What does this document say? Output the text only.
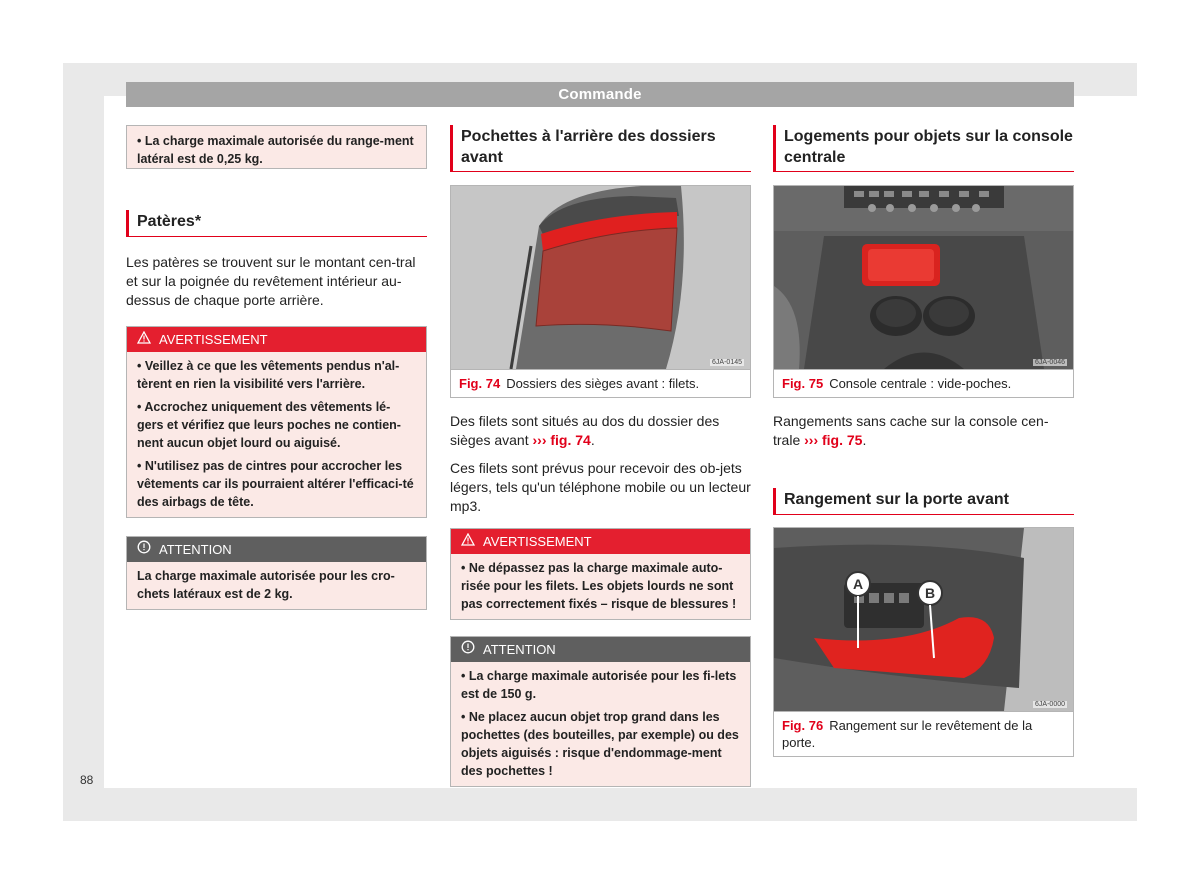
Commande
• La charge maximale autorisée du range-ment latéral est de 0,25 kg.
Patères*

Les patères se trouvent sur le montant cen-tral et sur la poignée du revêtement intérieur au-dessus de chaque porte arrière.

AVERTISSEMENT

• Veillez à ce que les vêtements pendus n'al-tèrent en rien la visibilité vers l'arrière.

• Accrochez uniquement des vêtements lé-gers et vérifiez que leurs poches ne contien-nent aucun objet lourd ou aiguisé.

• N'utilisez pas de cintres pour accrocher les vêtements car ils pourraient altérer l'efficaci-té des airbags de tête.

ATTENTION

La charge maximale autorisée pour les cro-chets latéraux est de 2 kg.

Pochettes à l'arrière des dossiers avant
6JA-0145
Fig. 74 Dossiers des sièges avant : filets.

Des filets sont situés au dos du dossier des sièges avant ››› fig. 74.

Ces filets sont prévus pour recevoir des ob-jets légers, tels qu'un téléphone mobile ou un lecteur mp3.

AVERTISSEMENT

• Ne dépassez pas la charge maximale auto-risée pour les filets. Les objets lourds ne sont pas correctement fixés – risque de blessures !

ATTENTION

• La charge maximale autorisée pour les fi-lets est de 150 g.

• Ne placez aucun objet trop grand dans les pochettes (des bouteilles, par exemple) ou des objets aiguisés : risque d'endommage-ment des pochettes !

Logements pour objets sur la console centrale
6JA-0046
Fig. 75 Console centrale : vide-poches.

Rangements sans cache sur la console cen-trale ››› fig. 75.

Rangement sur la porte avant
A
B
6JA-0000
Fig. 76 Rangement sur le revêtement de la porte.
88
